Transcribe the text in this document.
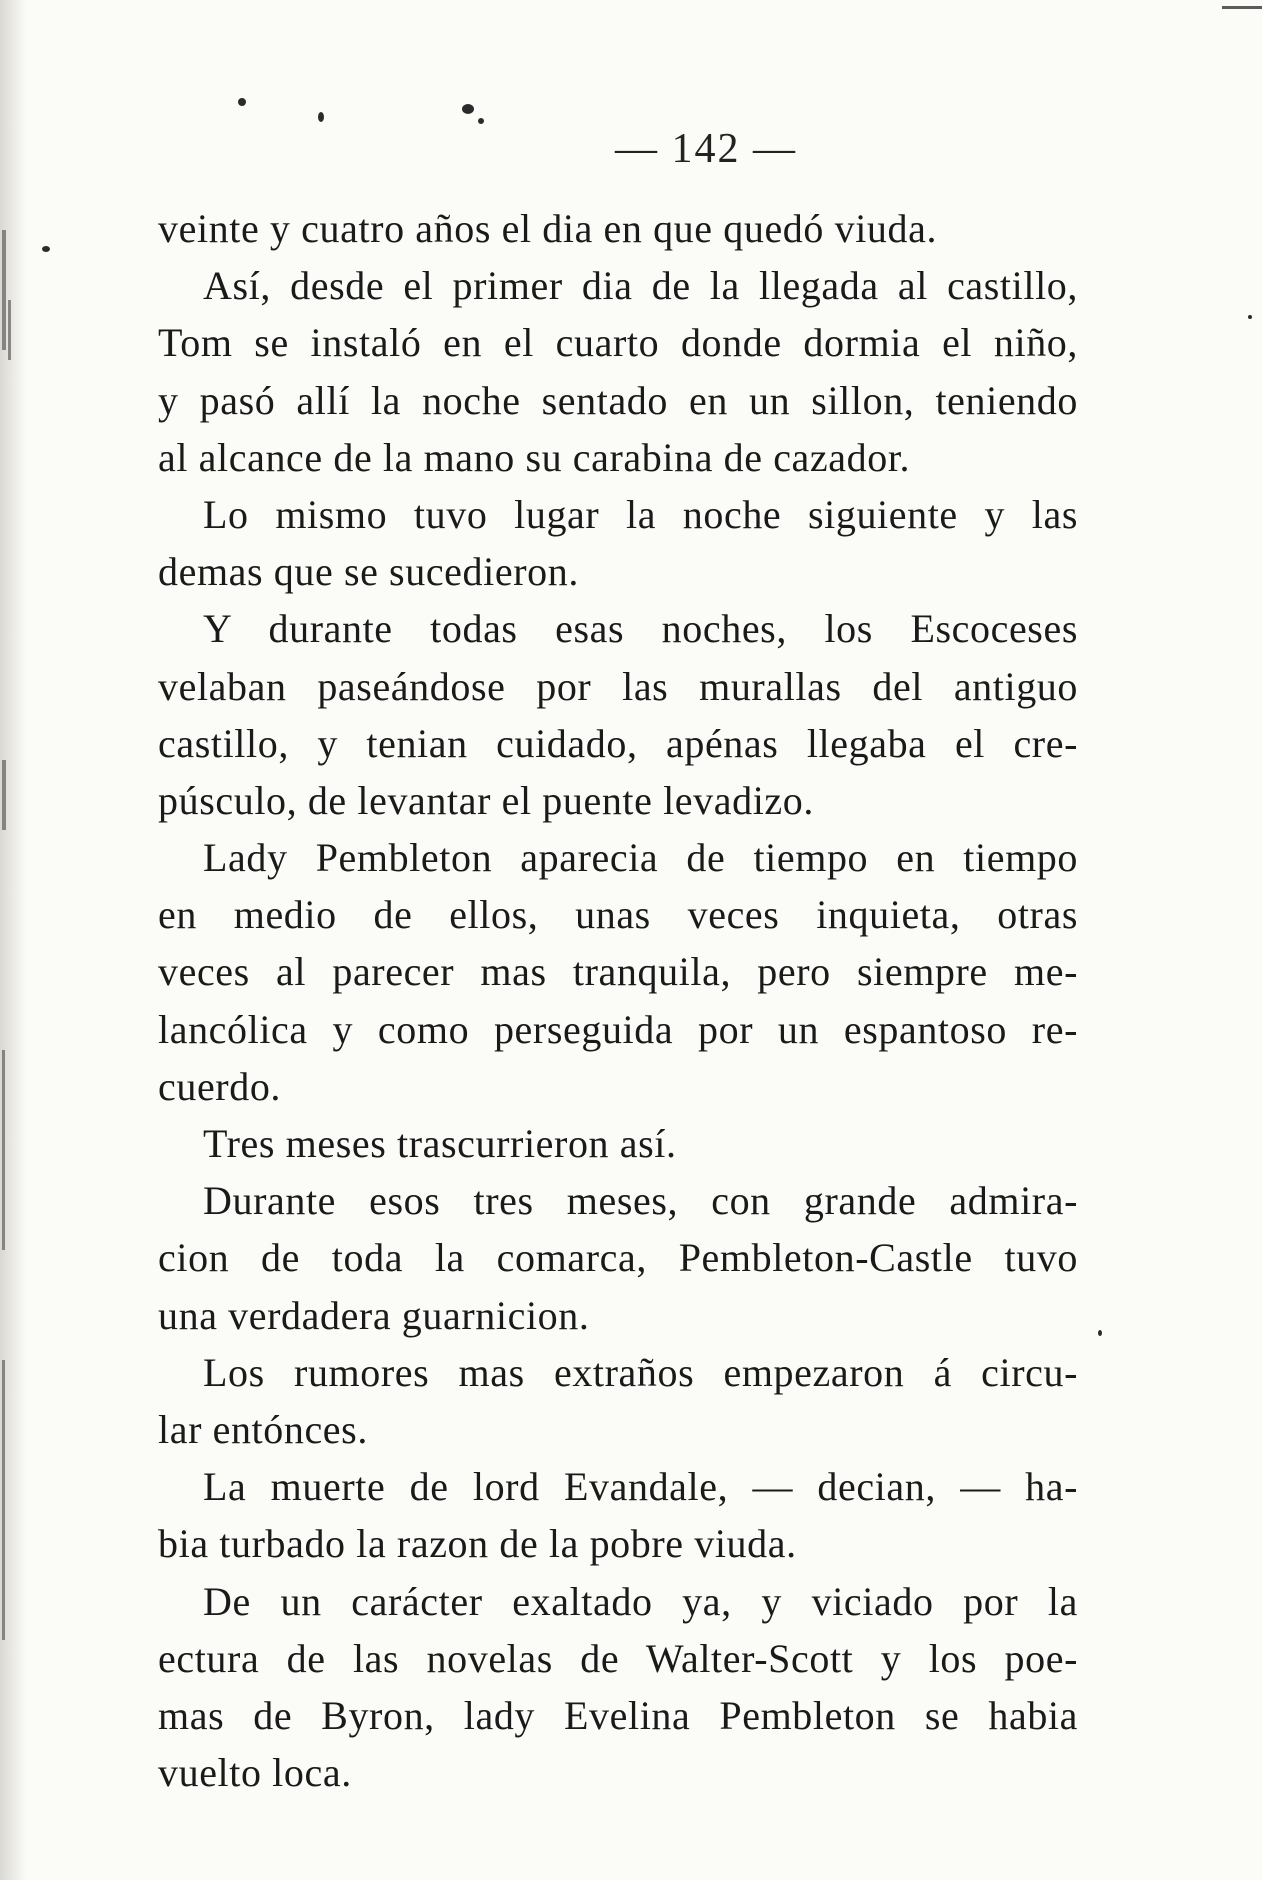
— 142 —
veinte y cuatro años el dia en que quedó viuda.
Así, desde el primer dia de la llegada al castillo,
Tom se instaló en el cuarto donde dormia el niño,
y pasó allí la noche sentado en un sillon, teniendo
al alcance de la mano su carabina de cazador.
Lo mismo tuvo lugar la noche siguiente y las
demas que se sucedieron.
Y durante todas esas noches, los Escoceses
velaban paseándose por las murallas del antiguo
castillo, y tenian cuidado, apénas llegaba el cre-
púsculo, de levantar el puente levadizo.
Lady Pembleton aparecia de tiempo en tiempo
en medio de ellos, unas veces inquieta, otras
veces al parecer mas tranquila, pero siempre me-
lancólica y como perseguida por un espantoso re-
cuerdo.
Tres meses trascurrieron así.
Durante esos tres meses, con grande admira-
cion de toda la comarca, Pembleton-Castle tuvo
una verdadera guarnicion.
Los rumores mas extraños empezaron á circu-
lar entónces.
La muerte de lord Evandale, — decian, — ha-
bia turbado la razon de la pobre viuda.
De un carácter exaltado ya, y viciado por la
ectura de las novelas de Walter-Scott y los poe-
mas de Byron, lady Evelina Pembleton se habia
vuelto loca.
